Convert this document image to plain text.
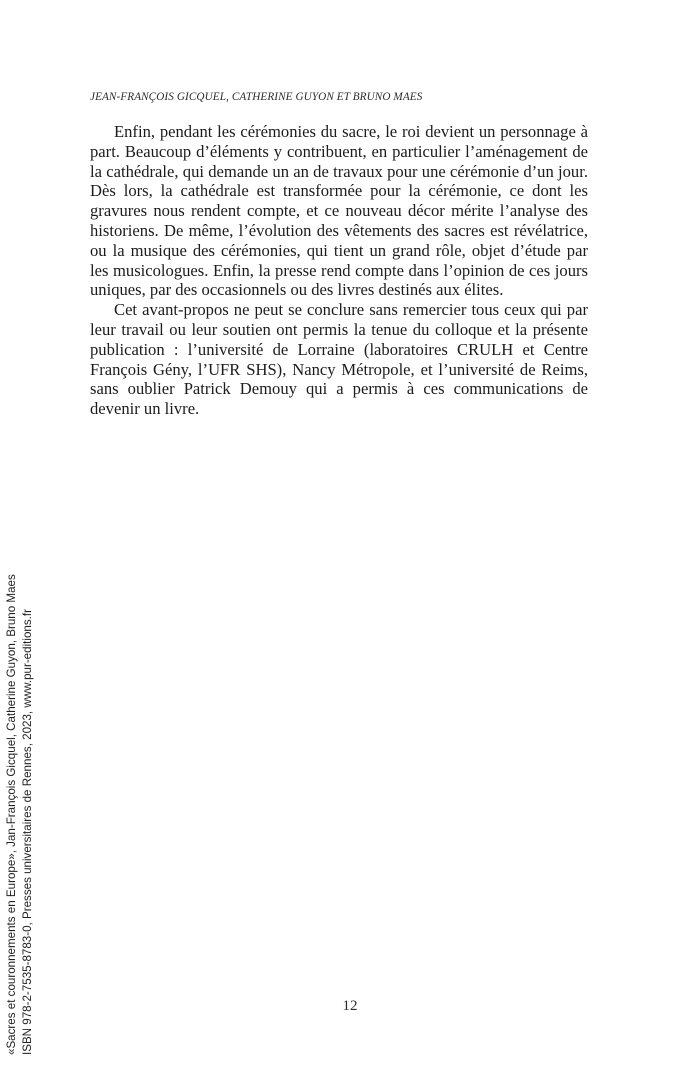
JEAN-FRANÇOIS GICQUEL, CATHERINE GUYON ET BRUNO MAES

Enfin, pendant les cérémonies du sacre, le roi devient un personnage à part. Beaucoup d’éléments y contribuent, en particulier l’aménagement de la cathédrale, qui demande un an de travaux pour une cérémonie d’un jour. Dès lors, la cathédrale est transformée pour la cérémonie, ce dont les gravures nous rendent compte, et ce nouveau décor mérite l’analyse des historiens. De même, l’évolution des vêtements des sacres est révélatrice, ou la musique des cérémonies, qui tient un grand rôle, objet d’étude par les musicologues. Enfin, la presse rend compte dans l’opinion de ces jours uniques, par des occasionnels ou des livres destinés aux élites.

Cet avant-propos ne peut se conclure sans remercier tous ceux qui par leur travail ou leur soutien ont permis la tenue du colloque et la présente publication : l’université de Lorraine (laboratoires CRULH et Centre François Gény, l’UFR SHS), Nancy Métropole, et l’université de Reims, sans oublier Patrick Demouy qui a permis à ces communications de devenir un livre.

12
«Sacres et couronnements en Europe», Jan-François Gicquel, Catherine Guyon, Bruno Maes ISBN 978-2-7535-8783-0, Presses universitaires de Rennes, 2023, www.pur-editions.fr
